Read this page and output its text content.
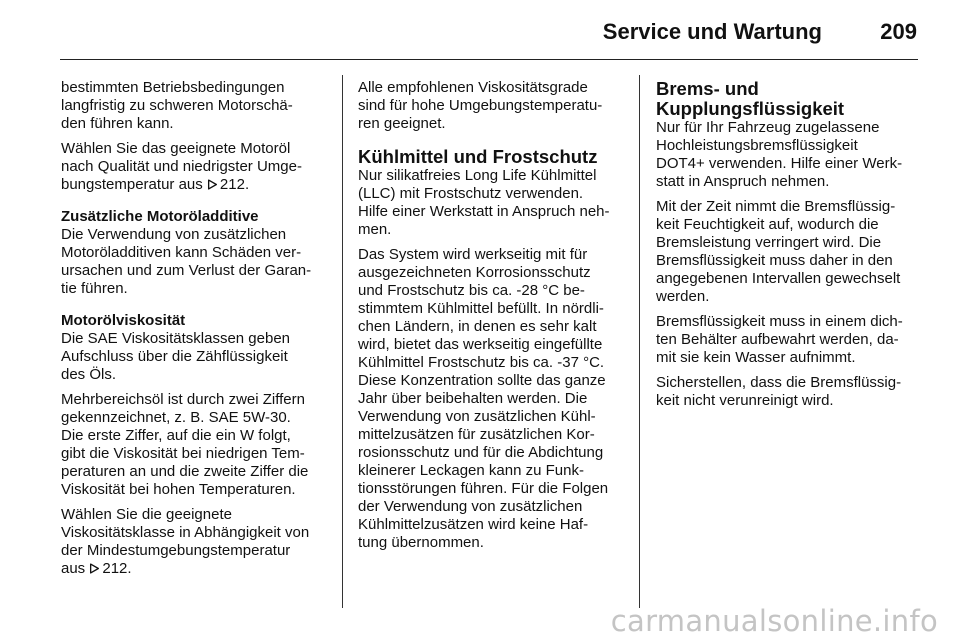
Service und Wartung	209
bestimmten Betriebsbedingungen
langfristig zu schweren Motorschä-
den führen kann.
Wählen Sie das geeignete Motoröl
nach Qualität und niedrigster Umge-
bungstemperatur aus 212.
Zusätzliche Motoröladditive
Die Verwendung von zusätzlichen
Motoröladditiven kann Schäden ver-
ursachen und zum Verlust der Garan-
tie führen.
Motorölviskosität
Die SAE Viskositätsklassen geben
Aufschluss über die Zähflüssigkeit
des Öls.
Mehrbereichsöl ist durch zwei Ziffern
gekennzeichnet, z. B. SAE 5W-30.
Die erste Ziffer, auf die ein W folgt,
gibt die Viskosität bei niedrigen Tem-
peraturen an und die zweite Ziffer die
Viskosität bei hohen Temperaturen.
Wählen Sie die geeignete
Viskositätsklasse in Abhängigkeit von
der Mindestumgebungstemperatur
aus 212.
Alle empfohlenen Viskositätsgrade
sind für hohe Umgebungstemperatu-
ren geeignet.
Kühlmittel und Frostschutz
Nur silikatfreies Long Life Kühlmittel
(LLC) mit Frostschutz verwenden.
Hilfe einer Werkstatt in Anspruch neh-
men.
Das System wird werkseitig mit für
ausgezeichneten Korrosionsschutz
und Frostschutz bis ca. -28 °C be-
stimmtem Kühlmittel befüllt. In nördli-
chen Ländern, in denen es sehr kalt
wird, bietet das werkseitig eingefüllte
Kühlmittel Frostschutz bis ca. -37 °C.
Diese Konzentration sollte das ganze
Jahr über beibehalten werden. Die
Verwendung von zusätzlichen Kühl-
mittelzusätzen für zusätzlichen Kor-
rosionsschutz und für die Abdichtung
kleinerer Leckagen kann zu Funk-
tionsstörungen führen. Für die Folgen
der Verwendung von zusätzlichen
Kühlmittelzusätzen wird keine Haf-
tung übernommen.
Brems- und
Kupplungsflüssigkeit
Nur für Ihr Fahrzeug zugelassene
Hochleistungsbremsflüssigkeit
DOT4+ verwenden. Hilfe einer Werk-
statt in Anspruch nehmen.
Mit der Zeit nimmt die Bremsflüssig-
keit Feuchtigkeit auf, wodurch die
Bremsleistung verringert wird. Die
Bremsflüssigkeit muss daher in den
angegebenen Intervallen gewechselt
werden.
Bremsflüssigkeit muss in einem dich-
ten Behälter aufbewahrt werden, da-
mit sie kein Wasser aufnimmt.
Sicherstellen, dass die Bremsflüssig-
keit nicht verunreinigt wird.
carmanualsonline.info
